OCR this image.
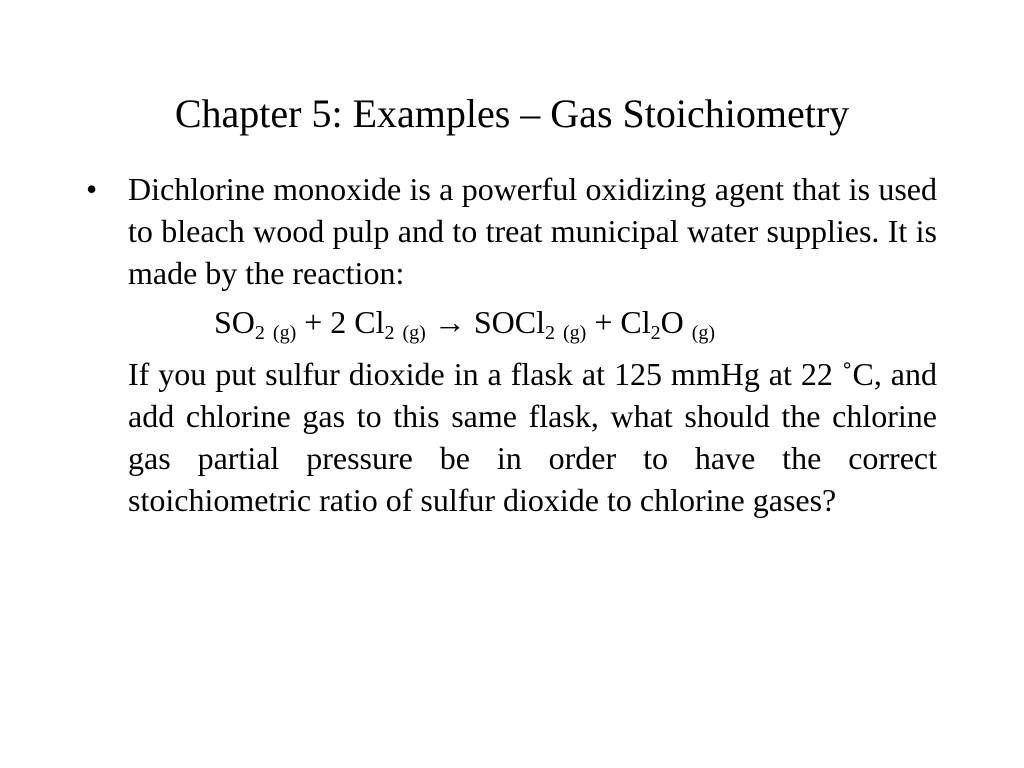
Chapter 5: Examples – Gas Stoichiometry
• Dichlorine monoxide is a powerful oxidizing agent that is used to bleach wood pulp and to treat municipal water supplies. It is made by the reaction:
SO2 (g) + 2 Cl2 (g) → SOCl2 (g) + Cl2O (g)
If you put sulfur dioxide in a flask at 125 mmHg at 22 ˚C, and add chlorine gas to this same flask, what should the chlorine gas partial pressure be in order to have the correct stoichiometric ratio of sulfur dioxide to chlorine gases?
